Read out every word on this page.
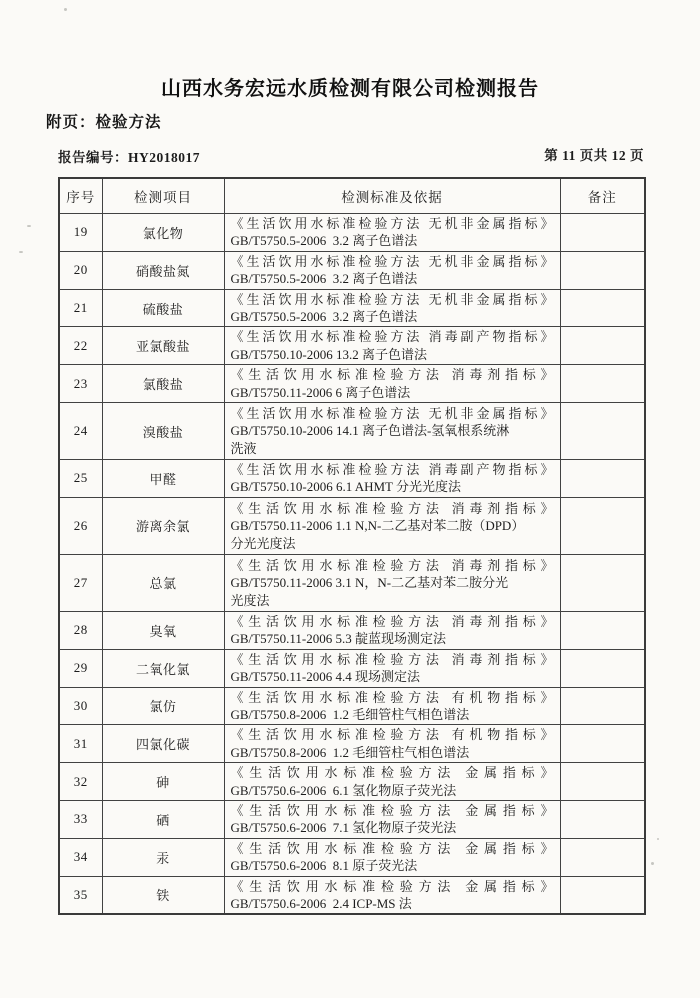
山西水务宏远水质检测有限公司检测报告
附页：检验方法
报告编号：HY2018017	第 11 页共 12 页
序号	检测项目	检测标准及依据	备注
19	氯化物	《生活饮用水标准检验方法 无机非金属指标》
GB/T5750.5-2006  3.2 离子色谱法	

20	硝酸盐氮	《生活饮用水标准检验方法 无机非金属指标》
GB/T5750.5-2006  3.2 离子色谱法	

21	硫酸盐	《生活饮用水标准检验方法 无机非金属指标》
GB/T5750.5-2006  3.2 离子色谱法	

22	亚氯酸盐	《生活饮用水标准检验方法 消毒副产物指标》
GB/T5750.10-2006 13.2 离子色谱法	

23	氯酸盐	《生活饮用水标准检验方法 消毒剂指标》
GB/T5750.11-2006 6 离子色谱法	

24	溴酸盐	《生活饮用水标准检验方法 无机非金属指标》
GB/T5750.10-2006 14.1 离子色谱法-氢氧根系统淋
洗液	

25	甲醛	《生活饮用水标准检验方法 消毒副产物指标》
GB/T5750.10-2006 6.1 AHMT 分光光度法	

26	游离余氯	《生活饮用水标准检验方法 消毒剂指标》
GB/T5750.11-2006 1.1 N,N-二乙基对苯二胺（DPD）
分光光度法	

27	总氯	《生活饮用水标准检验方法 消毒剂指标》
GB/T5750.11-2006 3.1 N，N-二乙基对苯二胺分光
光度法	

28	臭氧	《生活饮用水标准检验方法 消毒剂指标》
GB/T5750.11-2006 5.3 靛蓝现场测定法	

29	二氧化氯	《生活饮用水标准检验方法 消毒剂指标》
GB/T5750.11-2006 4.4 现场测定法	

30	氯仿	《生活饮用水标准检验方法 有机物指标》
GB/T5750.8-2006  1.2 毛细管柱气相色谱法	

31	四氯化碳	《生活饮用水标准检验方法 有机物指标》
GB/T5750.8-2006  1.2 毛细管柱气相色谱法	

32	砷	《生活饮用水标准检验方法 金属指标》
GB/T5750.6-2006  6.1 氢化物原子荧光法	

33	硒	《生活饮用水标准检验方法 金属指标》
GB/T5750.6-2006  7.1 氢化物原子荧光法	

34	汞	《生活饮用水标准检验方法 金属指标》
GB/T5750.6-2006  8.1 原子荧光法	

35	铁	《生活饮用水标准检验方法 金属指标》
GB/T5750.6-2006  2.4 ICP-MS 法	
